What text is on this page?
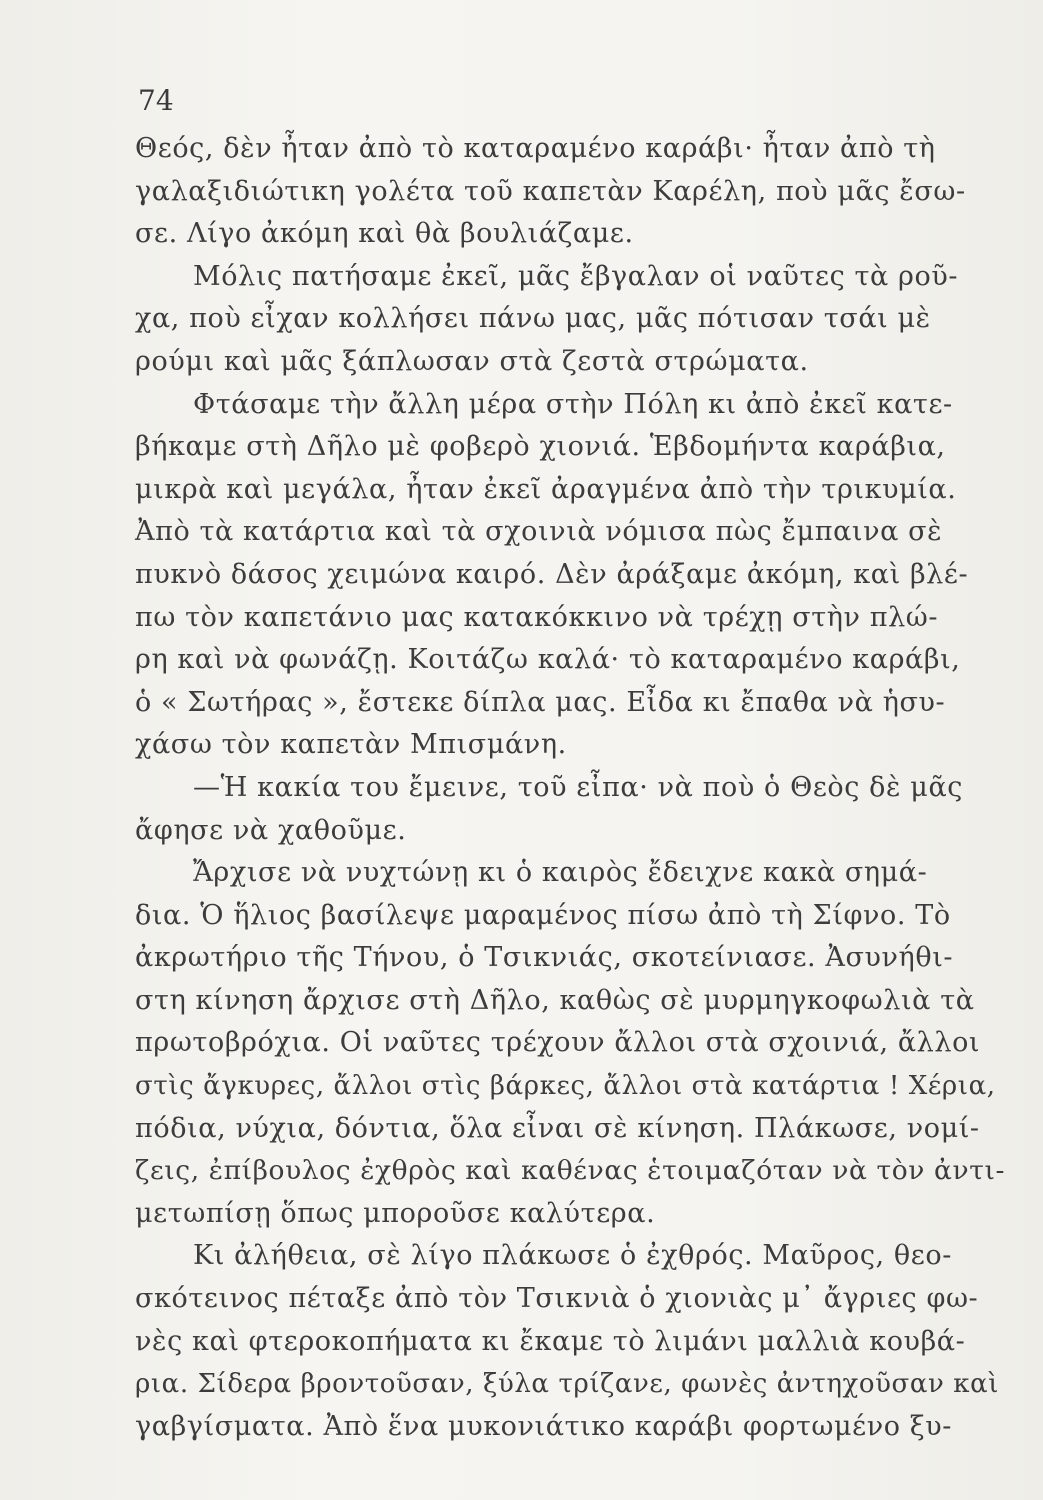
74
Θεός, δὲν ἦταν ἀπὸ τὸ καταραμένο καράβι· ἦταν ἀπὸ τὴ
γαλαξιδιώτικη γολέτα τοῦ καπετὰν Καρέλη, ποὺ μᾶς ἔσω-
σε. Λίγο ἀκόμη καὶ θὰ βουλιάζαμε.
Μόλις πατήσαμε ἐκεῖ, μᾶς ἔβγαλαν οἱ ναῦτες τὰ ροῦ-
χα, ποὺ εἶχαν κολλήσει πάνω μας, μᾶς πότισαν τσάι μὲ
ρούμι καὶ μᾶς ξάπλωσαν στὰ ζεστὰ στρώματα.
Φτάσαμε τὴν ἄλλη μέρα στὴν Πόλη κι ἀπὸ ἐκεῖ κατε-
βήκαμε στὴ Δῆλο μὲ φοβερὸ χιονιά. Ἑβδομήντα καράβια,
μικρὰ καὶ μεγάλα, ἦταν ἐκεῖ ἀραγμένα ἀπὸ τὴν τρικυμία.
Ἀπὸ τὰ κατάρτια καὶ τὰ σχοινιὰ νόμισα πὼς ἔμπαινα σὲ
πυκνὸ δάσος χειμώνα καιρό. Δὲν ἀράξαμε ἀκόμη, καὶ βλέ-
πω τὸν καπετάνιο μας κατακόκκινο νὰ τρέχῃ στὴν πλώ-
ρη καὶ νὰ φωνάζῃ. Κοιτάζω καλά· τὸ καταραμένο καράβι,
ὁ « Σωτήρας », ἔστεκε δίπλα μας. Εἶδα κι ἔπαθα νὰ ἡσυ-
χάσω τὸν καπετὰν Μπισμάνη.
—Ἡ κακία του ἔμεινε, τοῦ εἶπα· νὰ ποὺ ὁ Θεὸς δὲ μᾶς
ἄφησε νὰ χαθοῦμε.
Ἄρχισε νὰ νυχτώνῃ κι ὁ καιρὸς ἔδειχνε κακὰ σημά-
δια. Ὁ ἥλιος βασίλεψε μαραμένος πίσω ἀπὸ τὴ Σίφνο. Τὸ
ἀκρωτήριο τῆς Τήνου, ὁ Τσικνιάς, σκοτείνιασε. Ἀσυνήθι-
στη κίνηση ἄρχισε στὴ Δῆλο, καθὼς σὲ μυρμηγκοφωλιὰ τὰ
πρωτοβρόχια. Οἱ ναῦτες τρέχουν ἄλλοι στὰ σχοινιά, ἄλλοι
στὶς ἄγκυρες, ἄλλοι στὶς βάρκες, ἄλλοι στὰ κατάρτια ! Χέρια,
πόδια, νύχια, δόντια, ὅλα εἶναι σὲ κίνηση. Πλάκωσε, νομί-
ζεις, ἐπίβουλος ἐχθρὸς καὶ καθένας ἑτοιμαζόταν νὰ τὸν ἀντι-
μετωπίσῃ ὅπως μποροῦσε καλύτερα.
Κι ἀλήθεια, σὲ λίγο πλάκωσε ὁ ἐχθρός. Μαῦρος, θεο-
σκότεινος πέταξε ἀπὸ τὸν Τσικνιὰ ὁ χιονιὰς μ᾿ ἄγριες φω-
νὲς καὶ φτεροκοπήματα κι ἔκαμε τὸ λιμάνι μαλλιὰ κουβά-
ρια. Σίδερα βροντοῦσαν, ξύλα τρίζανε, φωνὲς ἀντηχοῦσαν καὶ
γαβγίσματα. Ἀπὸ ἕνα μυκονιάτικο καράβι φορτωμένο ξυ-
